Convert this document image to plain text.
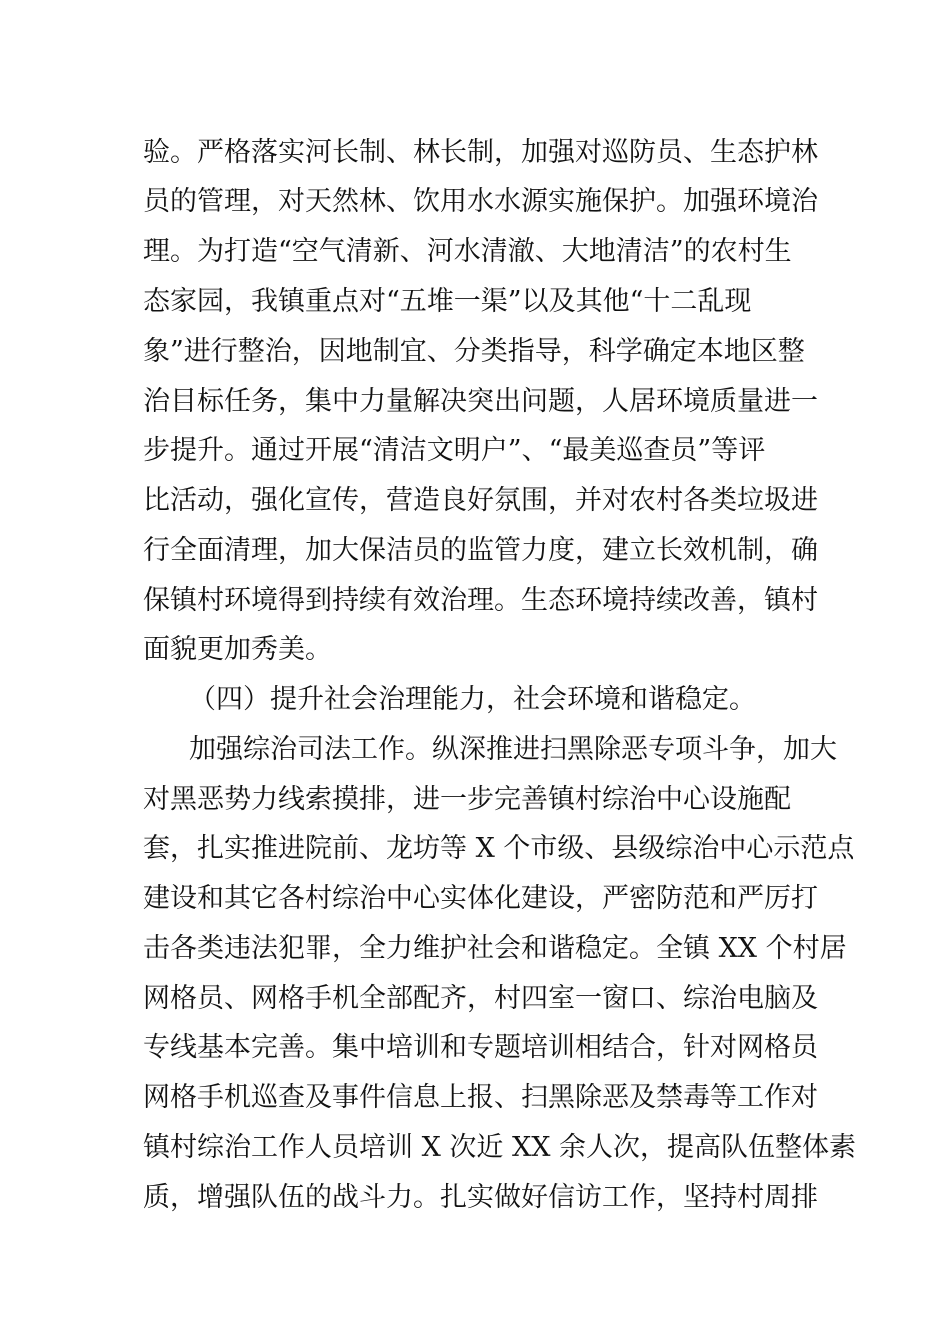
验。严格落实河长制、林长制，加强对巡防员、生态护林

员的管理，对天然林、饮用水水源实施保护。加强环境治

理。为打造“空气清新、河水清澈、大地清洁”的农村生

态家园，我镇重点对“五堆一渠”以及其他“十二乱现

象”进行整治，因地制宜、分类指导，科学确定本地区整

治目标任务，集中力量解决突出问题，人居环境质量进一

步提升。通过开展“清洁文明户”、“最美巡查员”等评

比活动，强化宣传，营造良好氛围，并对农村各类垃圾进

行全面清理，加大保洁员的监管力度，建立长效机制，确

保镇村环境得到持续有效治理。生态环境持续改善，镇村

面貌更加秀美。

（四）提升社会治理能力，社会环境和谐稳定。

加强综治司法工作。纵深推进扫黑除恶专项斗争，加大

对黑恶势力线索摸排，进一步完善镇村综治中心设施配

套，扎实推进院前、龙坊等 X 个市级、县级综治中心示范点

建设和其它各村综治中心实体化建设，严密防范和严厉打

击各类违法犯罪，全力维护社会和谐稳定。全镇 XX 个村居

网格员、网格手机全部配齐，村四室一窗口、综治电脑及

专线基本完善。集中培训和专题培训相结合，针对网格员

网格手机巡查及事件信息上报、扫黑除恶及禁毒等工作对

镇村综治工作人员培训 X 次近 XX 余人次，提高队伍整体素

质，增强队伍的战斗力。扎实做好信访工作，坚持村周排
